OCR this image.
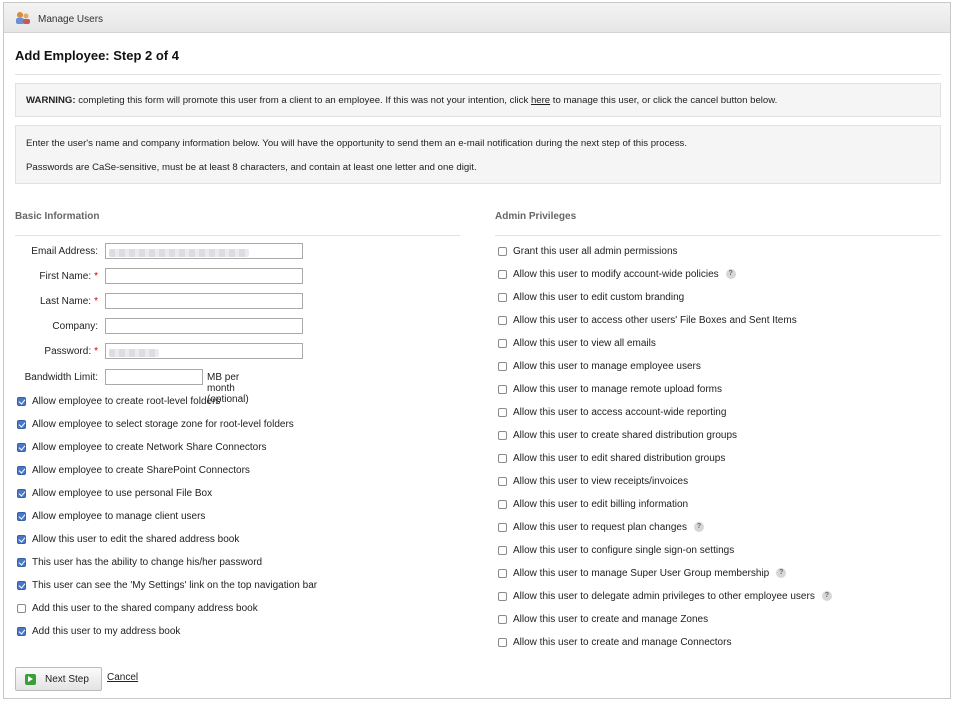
Manage Users
Add Employee: Step 2 of 4
WARNING: completing this form will promote this user from a client to an employee. If this was not your intention, click here to manage this user, or click the cancel button below.

Enter the user's name and company information below. You will have the opportunity to send them an e-mail notification during the next step of this process.

Passwords are CaSe-sensitive, must be at least 8 characters, and contain at least one letter and one digit.

Basic Information
Email Address:
First Name: *
Last Name: *
Company:
Password: *
Bandwidth Limit:	MB per month (optional)
Allow employee to create root-level folders
Allow employee to select storage zone for root-level folders
Allow employee to create Network Share Connectors
Allow employee to create SharePoint Connectors
Allow employee to use personal File Box
Allow employee to manage client users
Allow this user to edit the shared address book
This user has the ability to change his/her password
This user can see the 'My Settings' link on the top navigation bar
Add this user to the shared company address book
Add this user to my address book
Admin Privileges
Grant this user all admin permissions
Allow this user to modify account-wide policies	?
Allow this user to edit custom branding
Allow this user to access other users' File Boxes and Sent Items
Allow this user to view all emails
Allow this user to manage employee users
Allow this user to manage remote upload forms
Allow this user to access account-wide reporting
Allow this user to create shared distribution groups
Allow this user to edit shared distribution groups
Allow this user to view receipts/invoices
Allow this user to edit billing information
Allow this user to request plan changes	?
Allow this user to configure single sign-on settings
Allow this user to manage Super User Group membership	?
Allow this user to delegate admin privileges to other employee users	?
Allow this user to create and manage Zones
Allow this user to create and manage Connectors
Next Step Cancel
